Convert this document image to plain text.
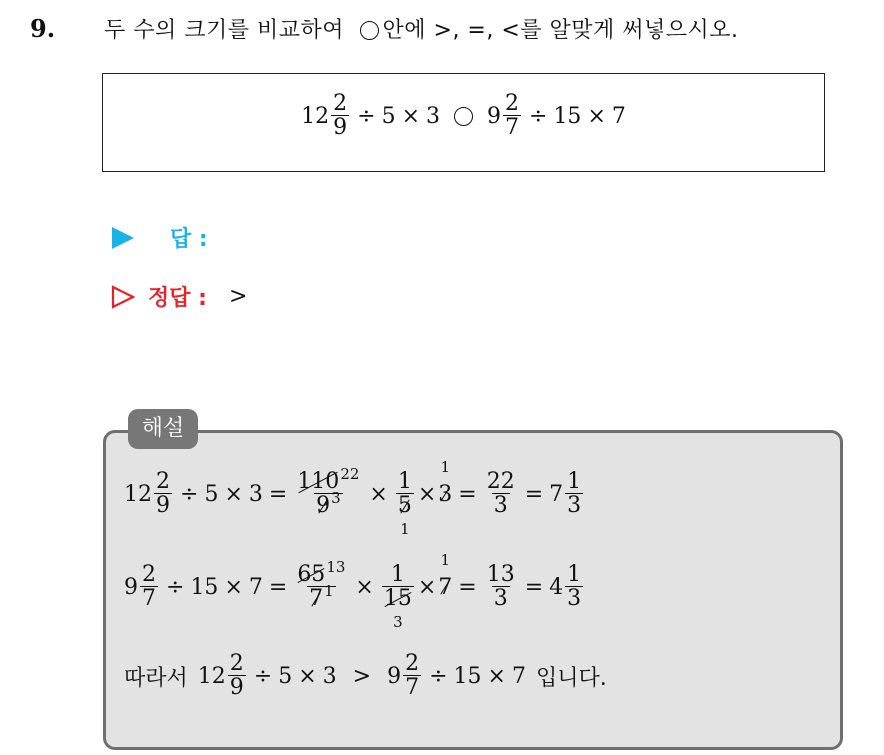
9. 두 수의 크기를 비교하여 안에 >, =, <를 알맞게 써넣으시오.
$12 \frac{2}{9} \div 5 \times 3$ $9 \frac{2}{7} \div 15 \times 7$
답 :
정답 : >
해설
$12 \frac{2}{9} \div 5 \times 3 = \frac{110^{22}}{9^3}$ ×
1
5
1
×
1
$3 = \frac{22}{3} = 7 \frac{1}{3}$
$9 \frac{2}{7} \div 15 \times 7 = \frac{65^{13}}{7^1}$ ×
1
15
3
×
1
$7 = \frac{13}{3} = 4 \frac{1}{3}$
따라서 $12 \frac{2}{9} \div 5 \times 3 > 9 \frac{2}{7} \div 15 \times 7$ 입니다.
